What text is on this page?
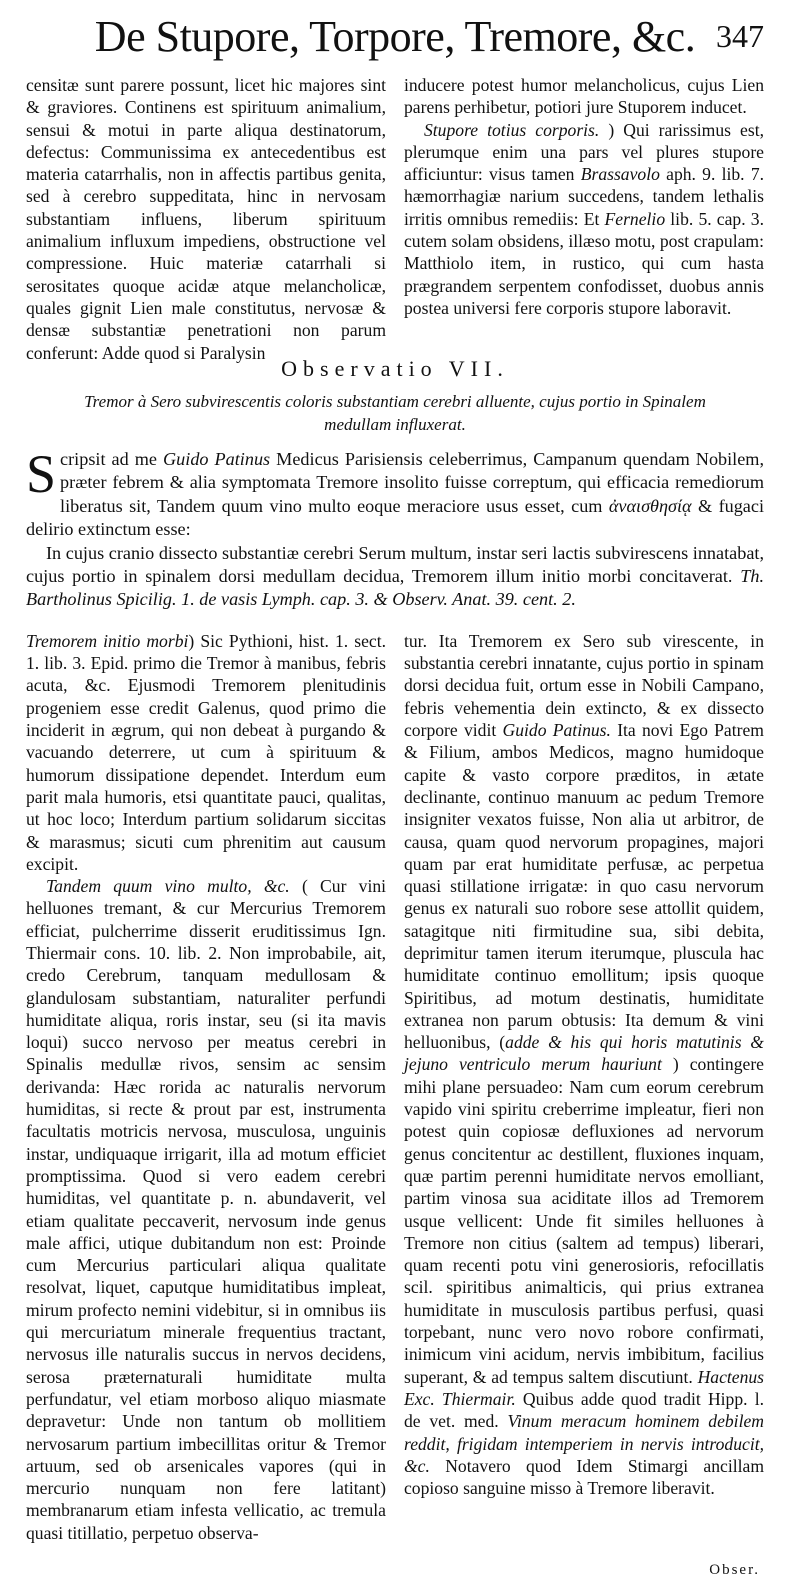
De Stupore, Torpore, Tremore, &c. 347

censitæ sunt parere possunt, licet hic majores sint & graviores. Continens est spirituum animalium, sensui & motui in parte aliqua destinatorum, defectus: Communissima ex antecedentibus est materia catarrhalis, non in affectis partibus genita, sed à cerebro suppeditata, hinc in nervosam substantiam influens, liberum spirituum animalium influxum impediens, obstructione vel compressione. Huic materiæ catarrhali si serositates quoque acidæ atque melancholicæ, quales gignit Lien male constitutus, nervosæ & densæ substantiæ penetrationi non parum conferunt: Adde quod si Paralysin

inducere potest humor melancholicus, cujus Lien parens perhibetur, potiori jure Stuporem inducet.

Stupore totius corporis. ) Qui rarissimus est, plerumque enim una pars vel plures stupore afficiuntur: visus tamen Brassavolo aph. 9. lib. 7. hæmorrhagiæ narium succedens, tandem lethalis irritis omnibus remediis: Et Fernelio lib. 5. cap. 3. cutem solam obsidens, illæso motu, post crapulam: Matthiolo item, in rustico, qui cum hasta prægrandem serpentem confodisset, duobus annis postea universi fere corporis stupore laboravit.

Observatio VII.
Tremor à Sero subvirescentis coloris substantiam cerebri alluente, cujus portio in Spinalem medullam influxerat.

Scripsit ad me Guido Patinus Medicus Parisiensis celeberrimus, Campanum quendam Nobilem, præter febrem & alia symptomata Tremore insolito fuisse correptum, qui efficacia remediorum liberatus sit, Tandem quum vino multo eoque meraciore usus esset, cum ἀναισθησίᾳ & fugaci delirio extinctum esse:

In cujus cranio dissecto substantiæ cerebri Serum multum, instar seri lactis subvirescens innatabat, cujus portio in spinalem dorsi medullam decidua, Tremorem illum initio morbi concitaverat. Th. Bartholinus Spicilig. 1. de vasis Lymph. cap. 3. & Observ. Anat. 39. cent. 2.

Tremorem initio morbi) Sic Pythioni, hist. 1. sect. 1. lib. 3. Epid. primo die Tremor à manibus, febris acuta, &c. Ejusmodi Tremorem plenitudinis progeniem esse credit Galenus, quod primo die inciderit in ægrum, qui non debeat à purgando & vacuando deterrere, ut cum à spirituum & humorum dissipatione dependet. Interdum eum parit mala humoris, etsi quantitate pauci, qualitas, ut hoc loco; Interdum partium solidarum siccitas & marasmus; sicuti cum phrenitim aut causum excipit.

Tandem quum vino multo, &c. ( Cur vini helluones tremant, & cur Mercurius Tremorem efficiat, pulcherrime disserit eruditissimus Ign. Thiermair cons. 10. lib. 2. Non improbabile, ait, credo Cerebrum, tanquam medullosam & glandulosam substantiam, naturaliter perfundi humiditate aliqua, roris instar, seu (si ita mavis loqui) succo nervoso per meatus cerebri in Spinalis medullæ rivos, sensim ac sensim derivanda: Hæc rorida ac naturalis nervorum humiditas, si recte & prout par est, instrumenta facultatis motricis nervosa, musculosa, unguinis instar, undiquaque irrigarit, illa ad motum efficiet promptissima. Quod si vero eadem cerebri humiditas, vel quantitate p. n. abundaverit, vel etiam qualitate peccaverit, nervosum inde genus male affici, utique dubitandum non est: Proinde cum Mercurius particulari aliqua qualitate resolvat, liquet, caputque humiditatibus impleat, mirum profecto nemini videbitur, si in omnibus iis qui mercuriatum minerale frequentius tractant, nervosus ille naturalis succus in nervos decidens, serosa præternaturali humiditate multa perfundatur, vel etiam morboso aliquo miasmate depravetur: Unde non tantum ob mollitiem nervosarum partium imbecillitas oritur & Tremor artuum, sed ob arsenicales vapores (qui in mercurio nunquam non fere latitant) membranarum etiam infesta vellicatio, ac tremula quasi titillatio, perpetuo observa-

tur. Ita Tremorem ex Sero sub virescente, in substantia cerebri innatante, cujus portio in spinam dorsi decidua fuit, ortum esse in Nobili Campano, febris vehementia dein extincto, & ex dissecto corpore vidit Guido Patinus. Ita novi Ego Patrem & Filium, ambos Medicos, magno humidoque capite & vasto corpore præditos, in ætate declinante, continuo manuum ac pedum Tremore insigniter vexatos fuisse, Non alia ut arbitror, de causa, quam quod nervorum propagines, majori quam par erat humiditate perfusæ, ac perpetua quasi stillatione irrigatæ: in quo casu nervorum genus ex naturali suo robore sese attollit quidem, satagitque niti firmitudine sua, sibi debita, deprimitur tamen iterum iterumque, plusculа hac humiditate continuo emollitum; ipsis quoque Spiritibus, ad motum destinatis, humiditate extranea non parum obtusis: Ita demum & vini helluonibus, (adde & his qui horis matutinis & jejuno ventriculo merum hauriunt ) contingere mihi plane persuadeo: Nam cum eorum cerebrum vapido vini spiritu creberrime impleatur, fieri non potest quin copiosæ defluxiones ad nervorum genus concitentur ac destillent, fluxiones inquam, quæ partim perenni humiditate nervos emolliant, partim vinosa sua aciditate illos ad Tremorem usque vellicent: Unde fit similes helluones à Tremore non citius (saltem ad tempus) liberari, quam recenti potu vini generosioris, refocillatis scil. spiritibus animalticis, qui prius extranea humiditate in musculosis partibus perfusi, quasi torpebant, nunc vero novo robore confirmati, inimicum vini acidum, nervis imbibitum, facilius superant, & ad tempus saltem discutiunt. Hactenus Exc. Thiermair. Quibus adde quod tradit Hipp. l. de vet. med. Vinum meracum hominem debilem reddit, frigidam intemperiem in nervis introducit, &c. Notavero quod Idem Stimargi ancillam copioso sanguine misso à Tremore liberavit.

Obser.
